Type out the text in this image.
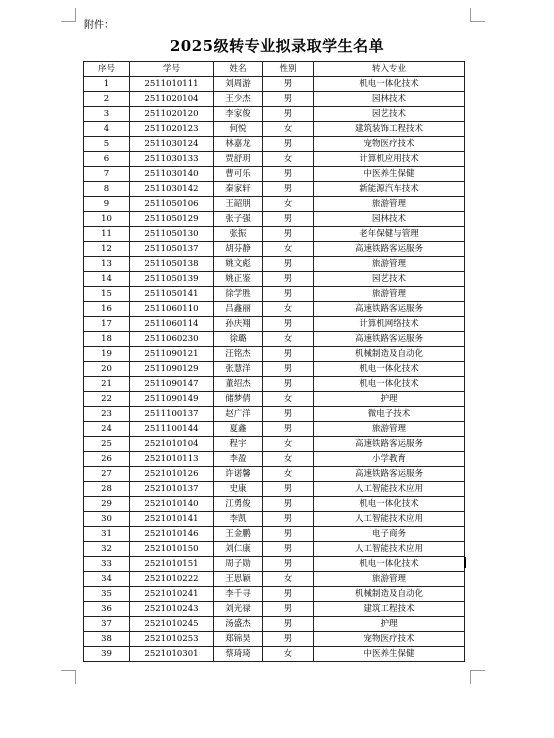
附件：
2025级转专业拟录取学生名单
序号	学号	姓名	性别	转入专业
1	2511010111	刘周游	男	机电一体化技术
2	2511020104	王少杰	男	园林技术
3	2511020120	李家俊	男	园艺技术
4	2511020123	何悦	女	建筑装饰工程技术
5	2511030124	林嘉龙	男	宠物医疗技术
6	2511030133	贾舒玥	女	计算机应用技术
7	2511030140	曹可乐	男	中医养生保健
8	2511030142	秦家轩	男	新能源汽车技术
9	2511050106	王韶朋	女	旅游管理
10	2511050129	张子强	男	园林技术
11	2511050130	张振	男	老年保健与管理
12	2511050137	胡芬静	女	高速铁路客运服务
13	2511050138	姚文彪	男	旅游管理
14	2511050139	姚正鉴	男	园艺技术
15	2511050141	徐学胜	男	旅游管理
16	2511060110	吕鑫丽	女	高速铁路客运服务
17	2511060114	孙庆翔	男	计算机网络技术
18	2511060230	徐璐	女	高速铁路客运服务
19	2511090121	汪铭杰	男	机械制造及自动化
20	2511090129	张慧洋	男	机电一体化技术
21	2511090147	董绍杰	男	机电一体化技术
22	2511090149	储梦倩	女	护理
23	2511100137	赵广洋	男	微电子技术
24	2511100144	夏鑫	男	旅游管理
25	2521010104	程宇	女	高速铁路客运服务
26	2521010113	李盈	女	小学教育
27	2521010126	许诺馨	女	高速铁路客运服务
28	2521010137	史康	男	人工智能技术应用
29	2521010140	江勇俊	男	机电一体化技术
30	2521010141	李凯	男	人工智能技术应用
31	2521010146	王金鹏	男	电子商务
32	2521010150	刘仁康	男	人工智能技术应用
33	2521010151	周子勋	男	机电一体化技术
34	2521010222	王思颖	女	旅游管理
35	2521010241	李千寻	男	机械制造及自动化
36	2521010243	刘光禄	男	建筑工程技术
37	2521010245	汤盛杰	男	护理
38	2521010253	郑锦昊	男	宠物医疗技术
39	2521010301	蔡琦琦	女	中医养生保健
